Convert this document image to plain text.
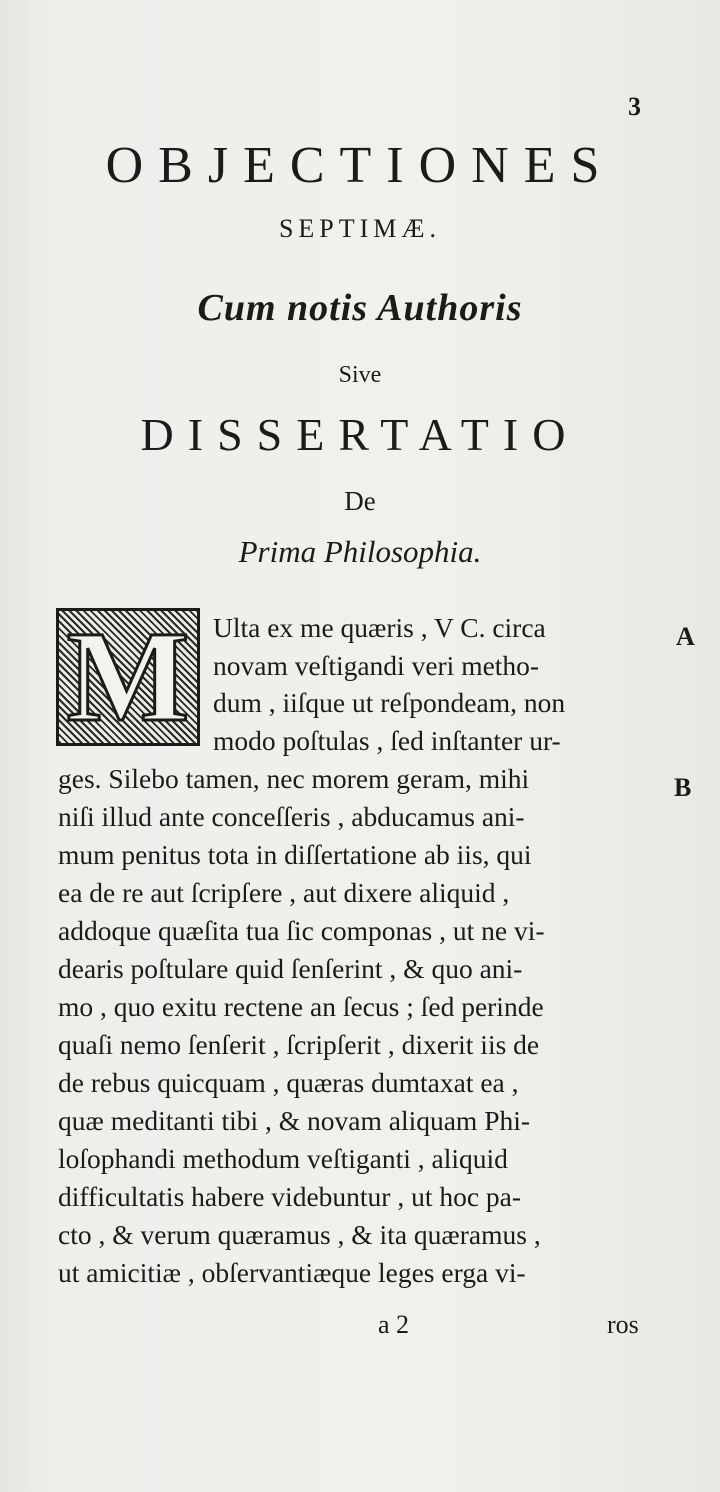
3
OBJECTIONES
SEPTIMÆ.
Cum notis Authoris
Sive
DISSERTATIO
De
Prima Philosophia.
M Ulta ex me quæris , V C. circa
novam veſtigandi veri metho-
dum , iiſque ut reſpondeam, non
modo poſtulas , ſed inſtanter ur-
ges. Silebo tamen, nec morem geram, mihi
niſi illud ante conceſſeris , abducamus ani-
mum penitus tota in diſſertatione ab iis, qui
ea de re aut ſcripſere , aut dixere aliquid ,
addoque quæſita tua ſic componas , ut ne vi-
dearis poſtulare quid ſenſerint , & quo ani-
mo , quo exitu rectene an ſecus ; ſed perinde
quaſi nemo ſenſerit , ſcripſerit , dixerit iis de
de rebus quicquam , quæras dumtaxat ea ,
quæ meditanti tibi , & novam aliquam Phi-
loſophandi methodum veſtiganti , aliquid
difficultatis habere videbuntur , ut hoc pa-
cto , & verum quæramus , & ita quæramus ,
ut amicitiæ , obſervantiæque leges erga vi-
A
B
a 2	ros
